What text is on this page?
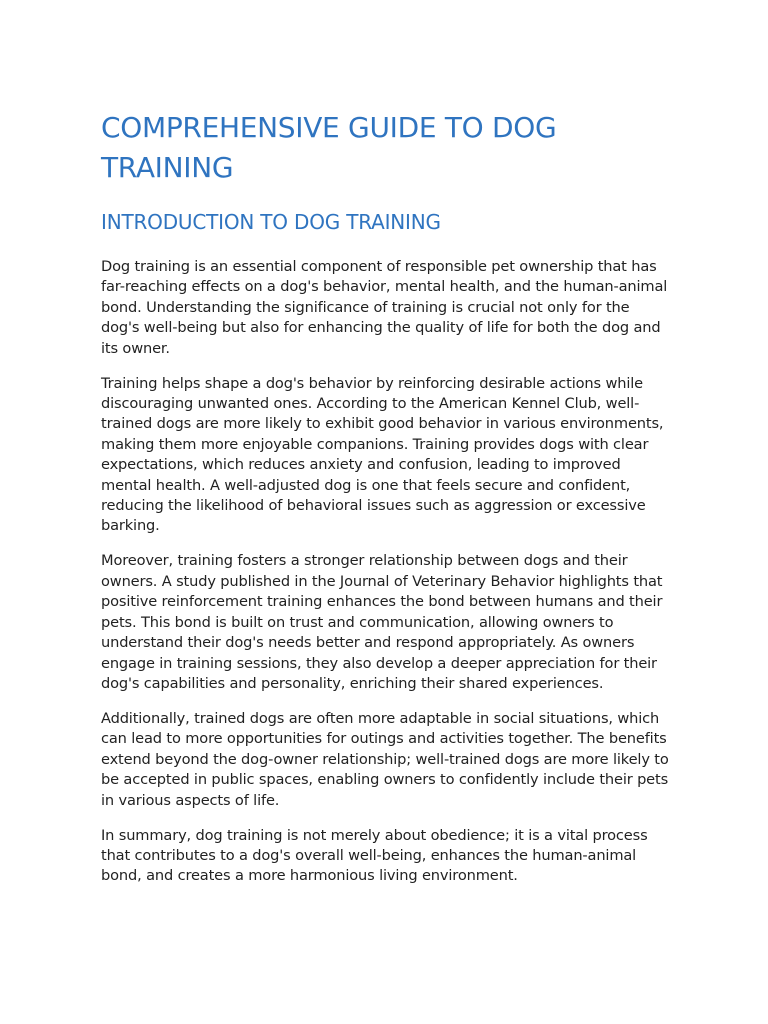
COMPREHENSIVE GUIDE TO DOG TRAINING
INTRODUCTION TO DOG TRAINING

Dog training is an essential component of responsible pet ownership that has far-reaching effects on a dog's behavior, mental health, and the human-animal bond. Understanding the significance of training is crucial not only for the dog's well-being but also for enhancing the quality of life for both the dog and its owner.

Training helps shape a dog's behavior by reinforcing desirable actions while discouraging unwanted ones. According to the American Kennel Club, well-trained dogs are more likely to exhibit good behavior in various environments, making them more enjoyable companions. Training provides dogs with clear expectations, which reduces anxiety and confusion, leading to improved mental health. A well-adjusted dog is one that feels secure and confident, reducing the likelihood of behavioral issues such as aggression or excessive barking.

Moreover, training fosters a stronger relationship between dogs and their owners. A study published in the Journal of Veterinary Behavior highlights that positive reinforcement training enhances the bond between humans and their pets. This bond is built on trust and communication, allowing owners to understand their dog's needs better and respond appropriately. As owners engage in training sessions, they also develop a deeper appreciation for their dog's capabilities and personality, enriching their shared experiences.

Additionally, trained dogs are often more adaptable in social situations, which can lead to more opportunities for outings and activities together. The benefits extend beyond the dog-owner relationship; well-trained dogs are more likely to be accepted in public spaces, enabling owners to confidently include their pets in various aspects of life.

In summary, dog training is not merely about obedience; it is a vital process that contributes to a dog's overall well-being, enhances the human-animal bond, and creates a more harmonious living environment.
